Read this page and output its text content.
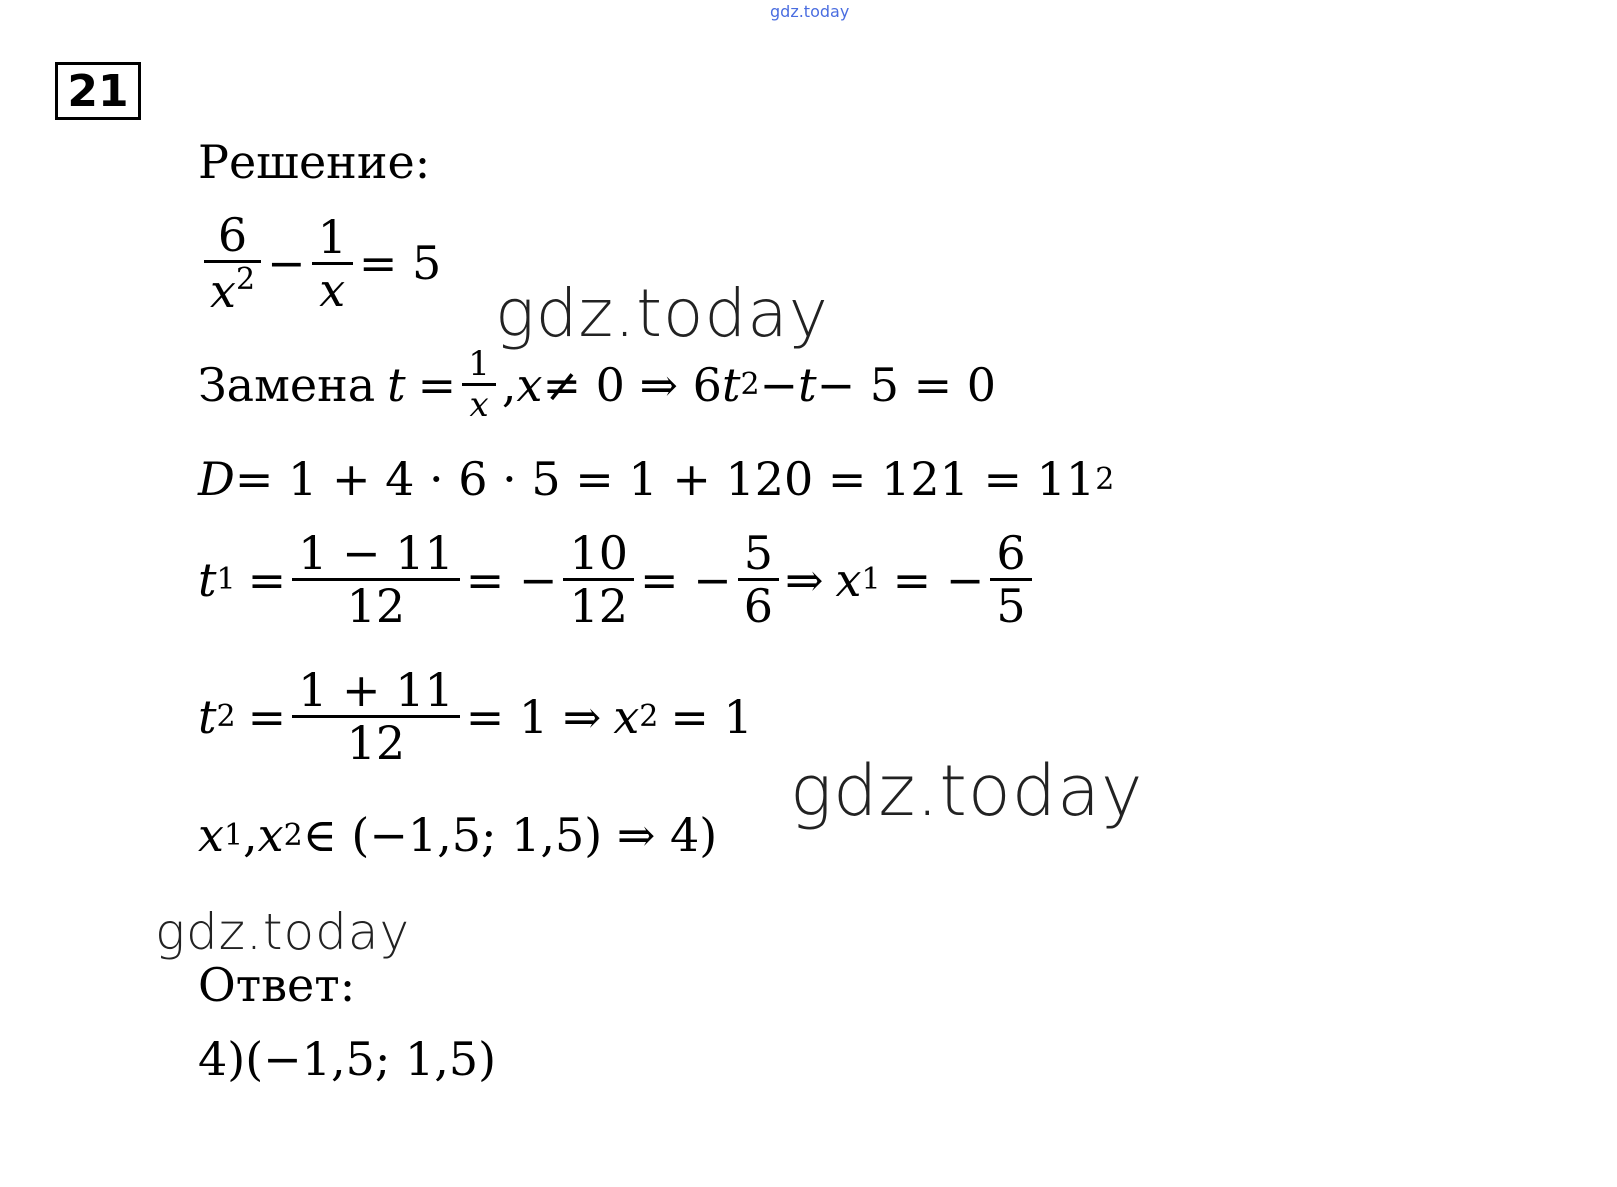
gdz.today
21
Решение:
$\frac{6}{x^2} - \frac{1}{x} = 5$
gdz.today
Замена $t = \frac{1}{x}$ , x ≠ 0 ⇒ 6 t 2 − t − 5 = 0
D = 1 + 4 · 6 · 5 = 1 + 120 = 121 = 11 2
t $1 = \frac{1 - 11}{12}$ = − $\frac{10}{12}$ = − $\frac{5}{6}$ ⇒ x 1 = − $\frac{6}{5}$
t $2 = \frac{1 + 11}{12} = 1$ ⇒ x 2 = 1
gdz.today
x 1 , x 2 ∈ (−1,5; 1,5) ⇒ 4)
gdz.today
Ответ:
4)(−1,5; 1,5)
